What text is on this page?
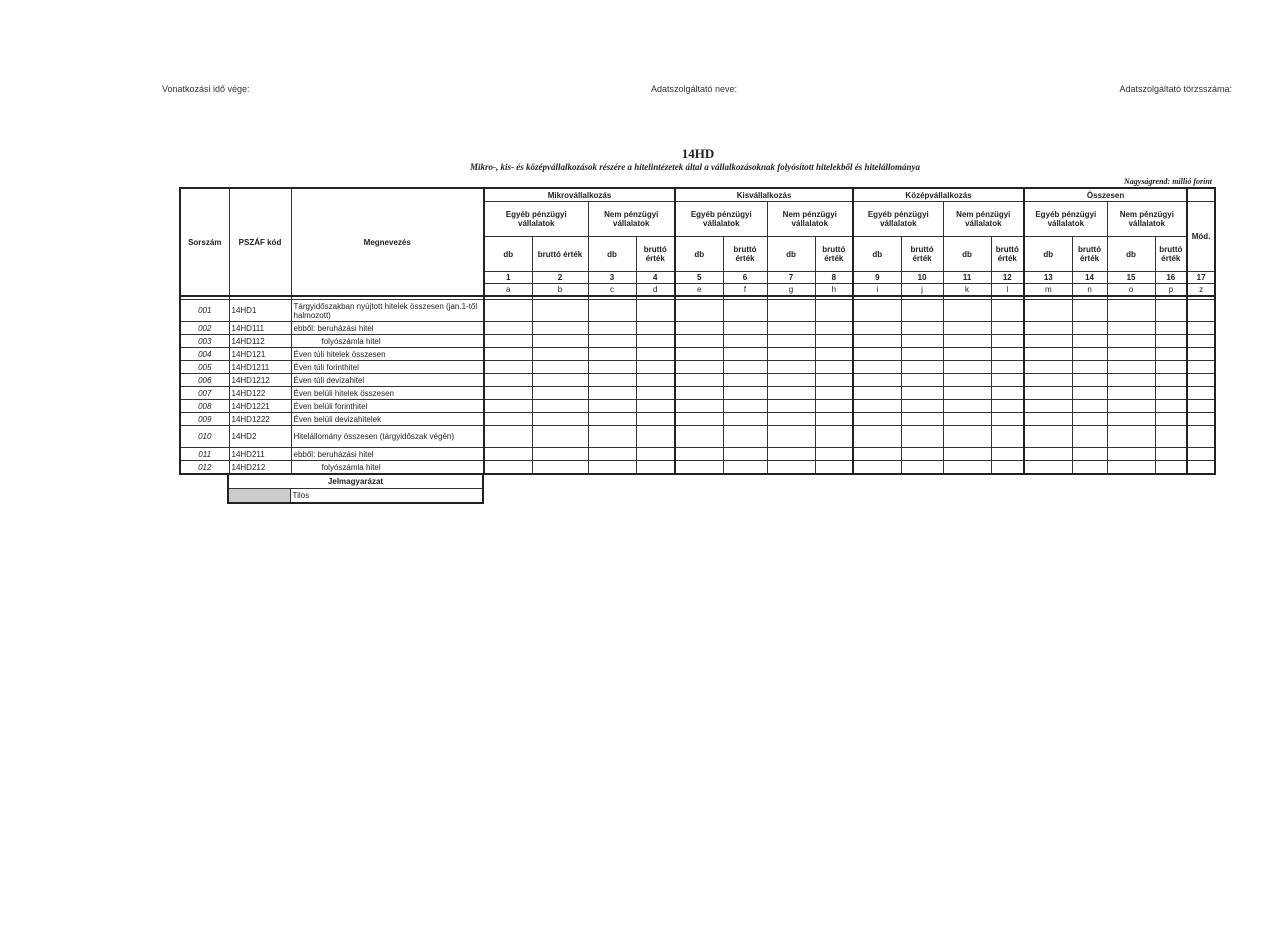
Vonatkozási idő vége:	Adatszolgáltató neve:	Adatszolgáltató törzsszáma:
14HD
Mikro-, kis- és középvállalkozások részére a hitelintézetek által a vállalkozásoknak folyósított hitelekből és hitelállománya
Nagyságrend: millió forint
Sorszám	PSZÁF kód	Megnevezés	Mikrovállalkozás				Kisvállalkozás				Középvállalkozás				Összesen				
			Egyéb pénzügyi vállalatok		Nem pénzügyi vállalatok		Egyéb pénzügyi vállalatok		Nem pénzügyi vállalatok		Egyéb pénzügyi vállalatok		Nem pénzügyi vállalatok		Egyéb pénzügyi vállalatok		Nem pénzügyi vállalatok		Mód.
			db	bruttó érték	db	bruttó érték	db	bruttó érték	db	bruttó érték	db	bruttó érték	db	bruttó érték	db	bruttó érték	db	bruttó érték	
			1	2	3	4	5	6	7	8	9	10	11	12	13	14	15	16	17
			a	b	c	d	e	f	g	h	i	j	k	l	m	n	o	p	z

001	14HD1	Tárgyidőszakban nyújtott hitelek összesen (jan.1-től halmozott)																	
002	14HD111	ebből: beruházási hitel																	
003	14HD112	folyószámla hitel																	
004	14HD121	Éven túli hitelek összesen																	
005	14HD1211	Éven túli forinthitel																	
006	14HD1212	Éven túli devizahitel																	
007	14HD122	Éven belüli hitelek összesen																	
008	14HD1221	Éven belüli forinthitel																	
009	14HD1222	Éven belüli devizahitelek																	
010	14HD2	Hitelállomány összesen (tárgyidőszak végén)																	
011	14HD211	ebből: beruházási hitel																	
012	14HD212	folyószámla hitel																	
Jelmagyarázat
	Tilos
